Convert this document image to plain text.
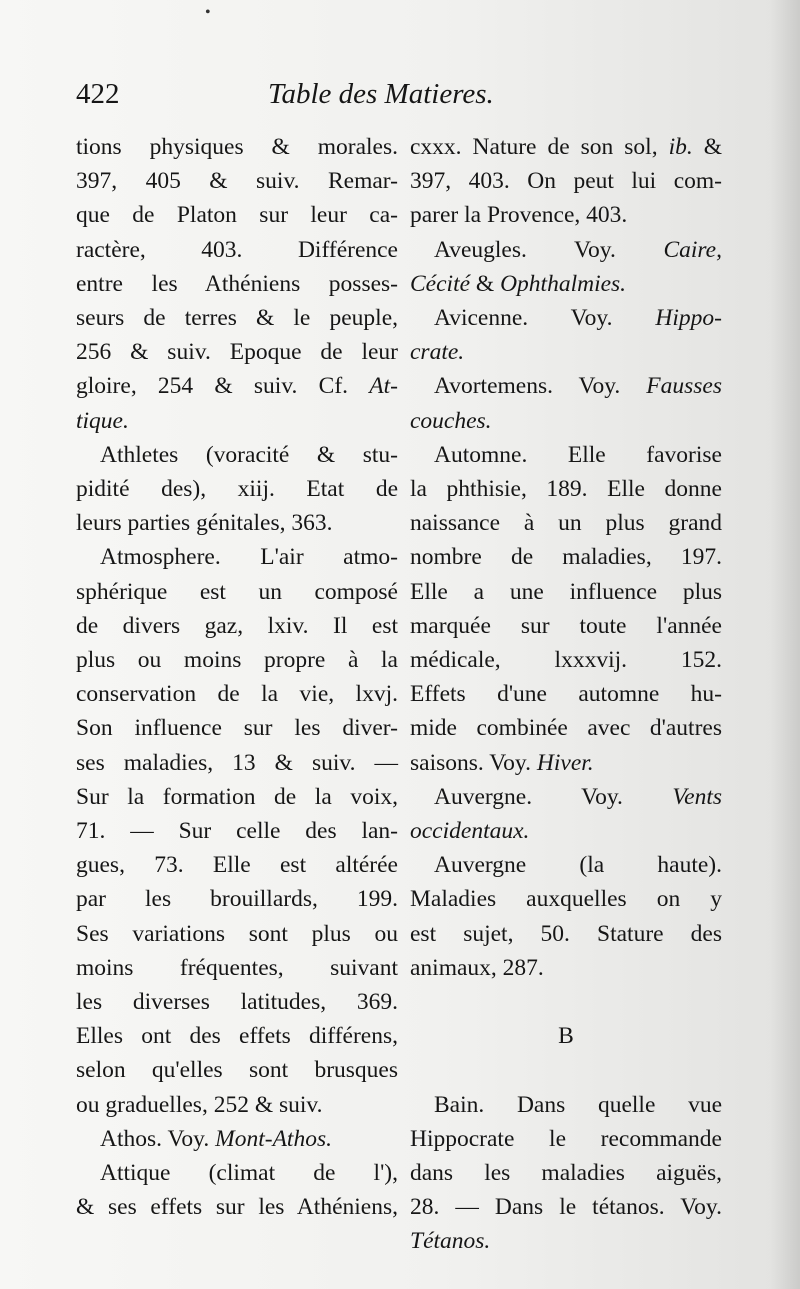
•
422	Table des Matieres.
tions physiques & morales.
397, 405 & suiv. Remar-
que de Platon sur leur ca-
ractère, 403. Différence
entre les Athéniens posses-
seurs de terres & le peuple,
256 & suiv. Epoque de leur
gloire, 254 & suiv. Cf. At-
tique.
Athletes (voracité & stu-
pidité des), xiij. Etat de
leurs parties génitales, 363.
Atmosphere. L'air atmo-
sphérique est un composé
de divers gaz, lxiv. Il est
plus ou moins propre à la
conservation de la vie, lxvj.
Son influence sur les diver-
ses maladies, 13 & suiv. —
Sur la formation de la voix,
71. — Sur celle des lan-
gues, 73. Elle est altérée
par les brouillards, 199.
Ses variations sont plus ou
moins fréquentes, suivant
les diverses latitudes, 369.
Elles ont des effets différens,
selon qu'elles sont brusques
ou graduelles, 252 & suiv.
Athos. Voy. Mont-Athos.
Attique (climat de l'),
& ses effets sur les Athéniens,
cxxx. Nature de son sol, ib. &
397, 403. On peut lui com-
parer la Provence, 403.
Aveugles. Voy. Caire,
Cécité & Ophthalmies.
Avicenne. Voy. Hippo-
crate.
Avortemens. Voy. Fausses
couches.
Automne. Elle favorise
la phthisie, 189. Elle donne
naissance à un plus grand
nombre de maladies, 197.
Elle a une influence plus
marquée sur toute l'année
médicale, lxxxvij. 152.
Effets d'une automne hu-
mide combinée avec d'autres
saisons. Voy. Hiver.
Auvergne. Voy. Vents
occidentaux.
Auvergne (la haute).
Maladies auxquelles on y
est sujet, 50. Stature des
animaux, 287.
B
Bain. Dans quelle vue
Hippocrate le recommande
dans les maladies aiguës,
28. — Dans le tétanos. Voy.
Tétanos.
